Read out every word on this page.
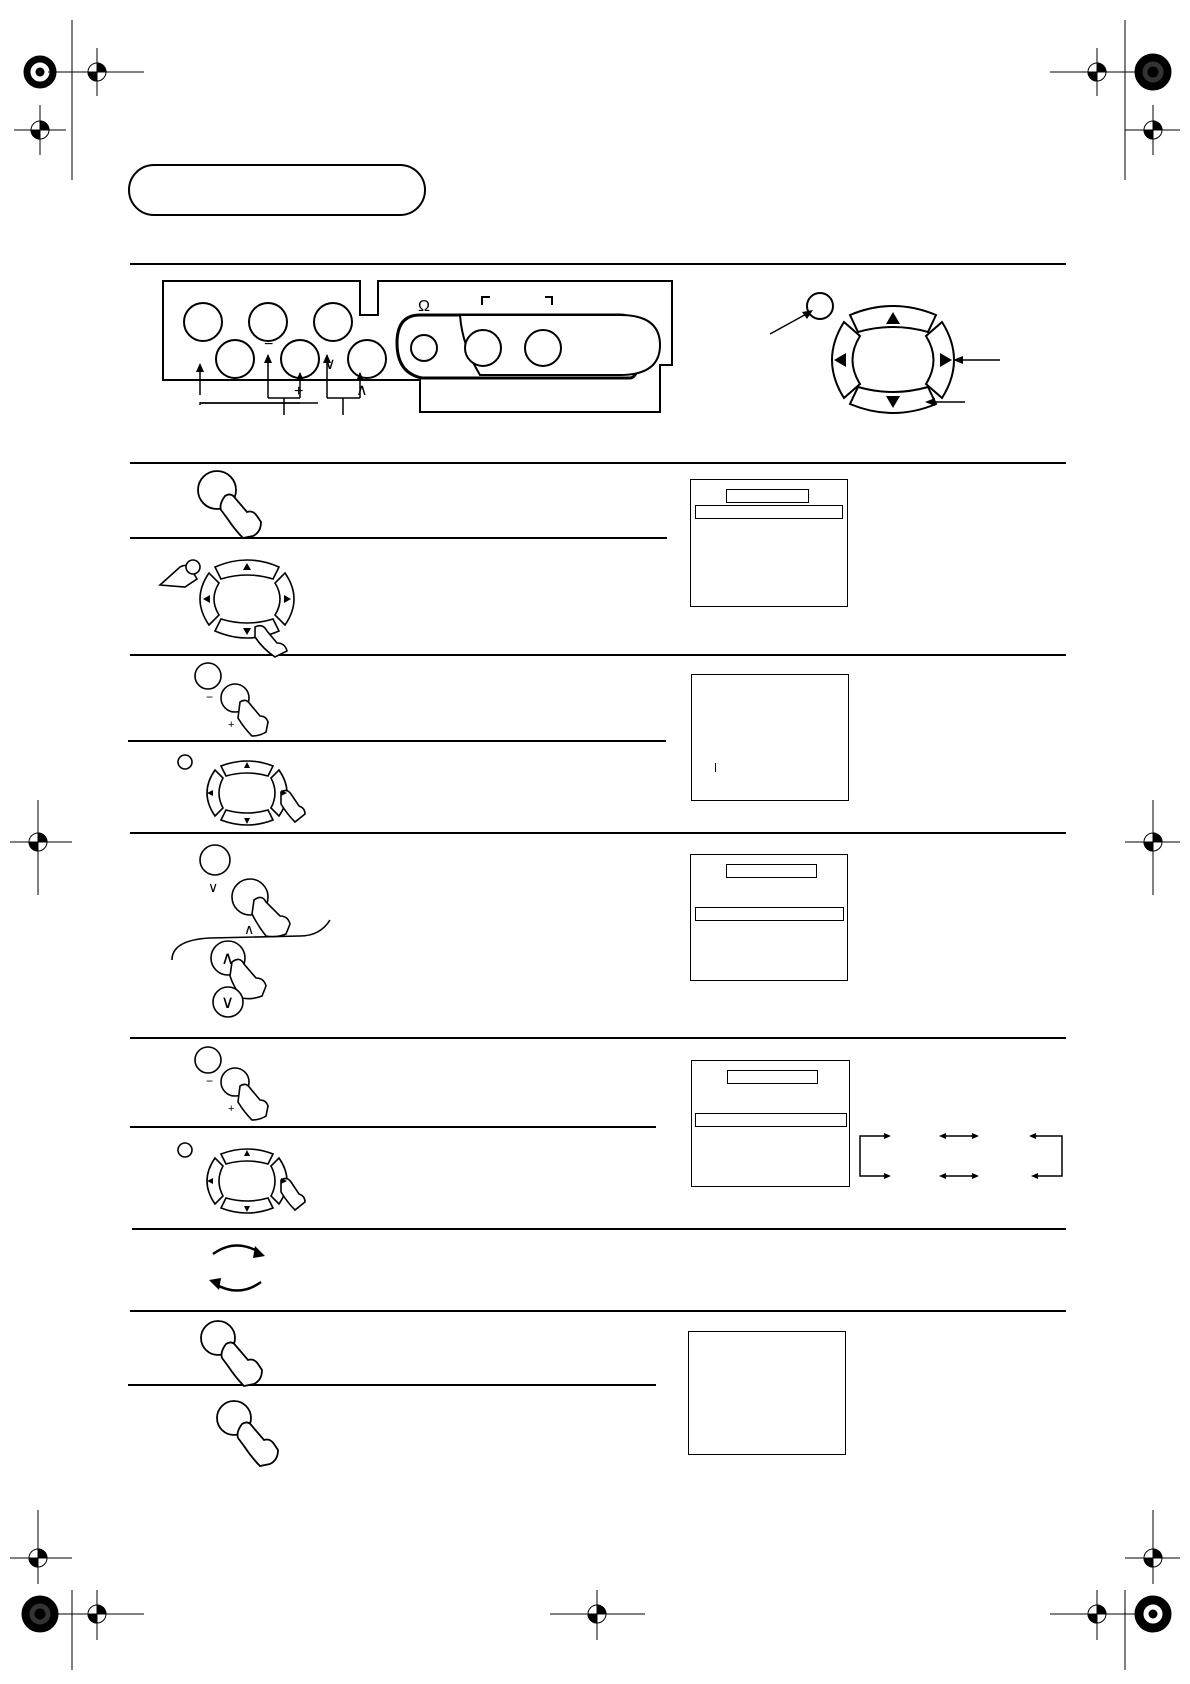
−
+
∨
∧
Ω
−
+
∨
∧
∧
∨
−
+
